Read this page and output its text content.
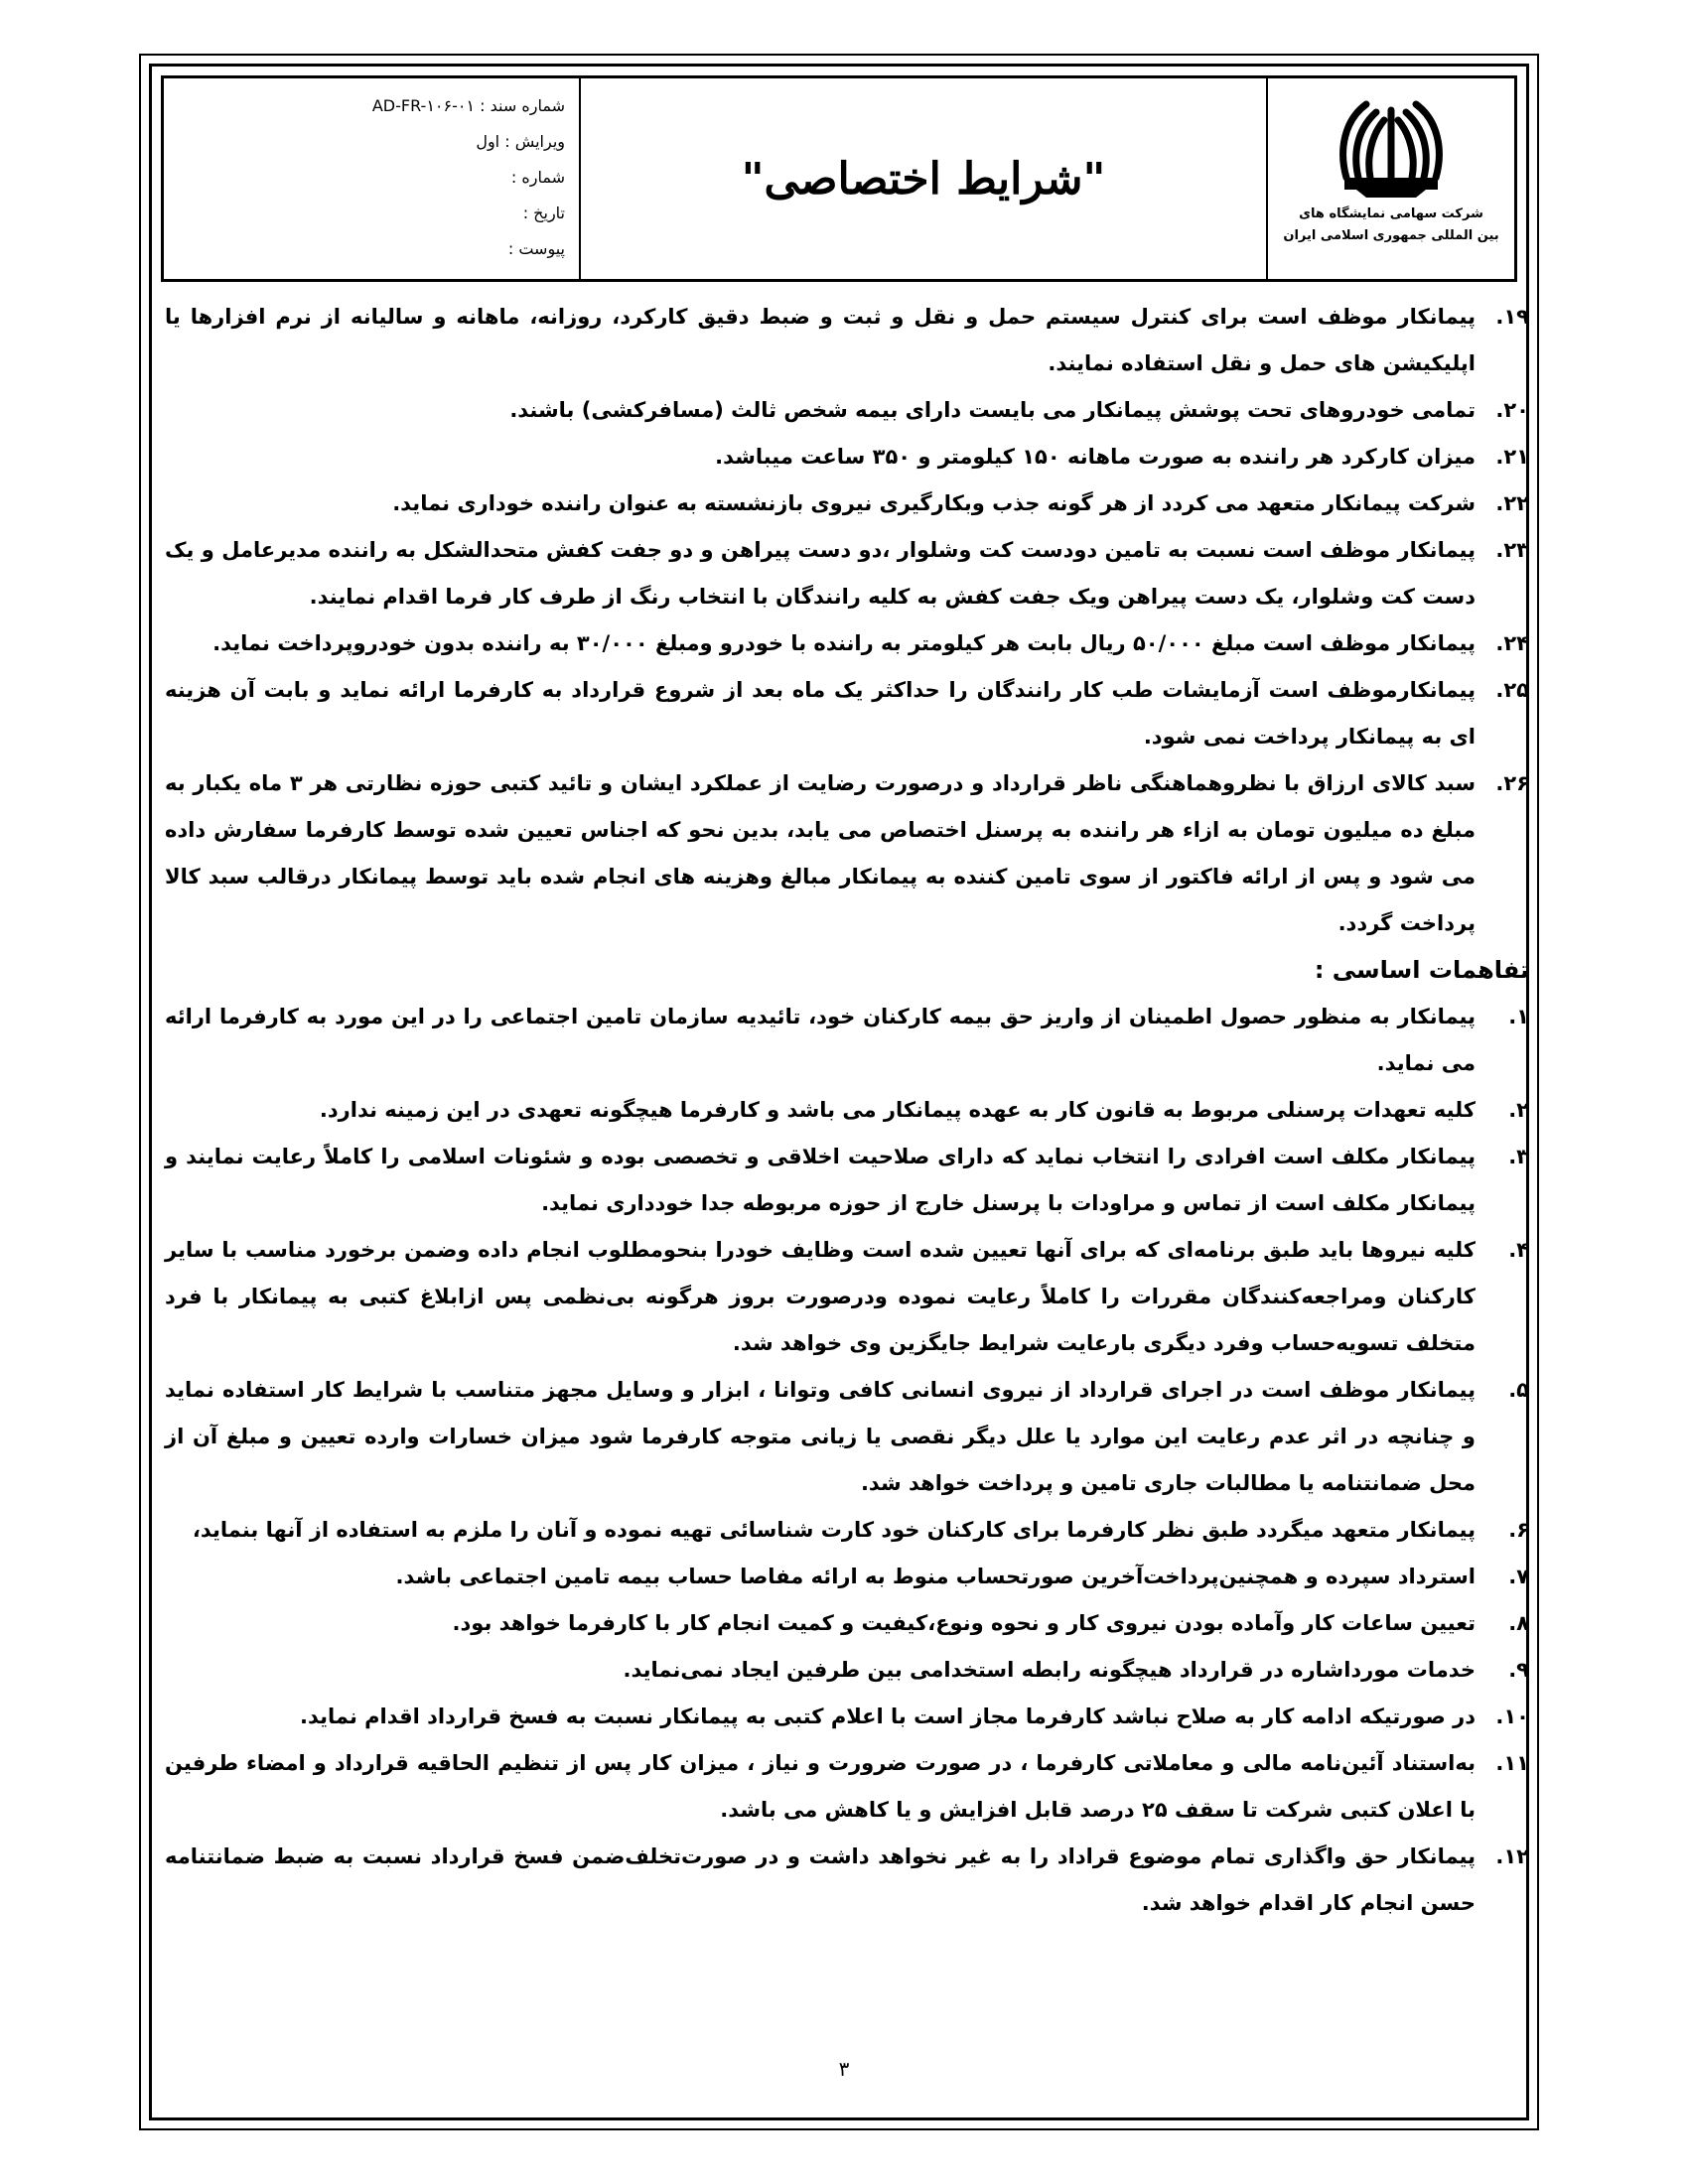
شرکت سهامی نمایشگاه های
بین المللی جمهوری اسلامی ایران
"شرایط اختصاصی"
شماره سند : AD-FR-۱۰۶-۰۱
ویرایش : اول
شماره :
تاریخ :
پیوست :
۱۹.
پیمانکار موظف است برای کنترل سیستم حمل و نقل و ثبت و ضبط دقیق کارکرد، روزانه، ماهانه و سالیانه از نرم افزارها یا اپلیکیشن های حمل و نقل استفاده نمایند.
۲۰.
تمامی خودروهای تحت پوشش پیمانکار می بایست دارای بیمه شخص ثالث (مسافرکشی) باشند.
۲۱.
میزان کارکرد هر راننده به صورت ماهانه ۱۵۰ کیلومتر و ۳۵۰ ساعت میباشد.
۲۲.
شرکت پیمانکار متعهد می کردد از هر گونه جذب وبکارگیری نیروی بازنشسته به عنوان راننده خوداری نماید.
۲۳.
پیمانکار موظف است نسبت به تامین دودست کت وشلوار ،دو دست پیراهن و دو جفت کفش متحدالشکل به راننده مدیرعامل و یک دست کت وشلوار، یک دست پیراهن ویک جفت کفش به کلیه رانندگان با انتخاب رنگ از طرف کار فرما اقدام نمایند.
۲۴.
پیمانکار موظف است مبلغ ۵۰/۰۰۰ ریال بابت هر کیلومتر به راننده با خودرو ومبلغ ۳۰/۰۰۰ به راننده بدون خودروپرداخت نماید.
۲۵.
پیمانکارموظف است آزمایشات طب کار رانندگان را حداکثر یک ماه بعد از شروع قرارداد به کارفرما ارائه نماید و بابت آن هزینه ای به پیمانکار پرداخت نمی شود.
۲۶.
سبد کالای ارزاق با نظروهماهنگی ناظر قرارداد و درصورت رضایت از عملکرد ایشان و تائید کتبی حوزه نظارتی هر ۳ ماه یکبار به مبلغ ده میلیون تومان به ازاء هر راننده به پرسنل اختصاص می یابد، بدین نحو که اجناس تعیین شده توسط کارفرما سفارش داده می شود و پس از ارائه فاکتور از سوی تامین کننده به پیمانکار مبالغ وهزینه های انجام شده باید توسط پیمانکار درقالب سبد کالا پرداخت گردد.
تفاهمات اساسی :
۱.
پیمانکار به منظور حصول اطمینان از واریز حق بیمه کارکنان خود، تائیدیه سازمان تامین اجتماعی را در این مورد به کارفرما ارائه می نماید.
۲.
کلیه تعهدات پرسنلی مربوط به قانون کار به عهده پیمانکار می باشد و کارفرما هیچگونه تعهدی در این زمینه ندارد.
۳.
پیمانکار مکلف است افرادی را انتخاب نماید که دارای صلاحیت اخلاقی و تخصصی بوده و شئونات اسلامی را کاملاً رعایت نمایند و پیمانکار مکلف است از تماس و مراودات با پرسنل خارج از حوزه مربوطه جدا خودداری نماید.
۴.
کلیه نیروها باید طبق برنامه‌ای که برای آنها تعیین شده است وظایف خودرا بنحومطلوب انجام داده وضمن برخورد مناسب با سایر کارکنان ومراجعه‌کنندگان مقررات را کاملاً رعایت نموده ودرصورت بروز هرگونه بی‌نظمی پس ازابلاغ کتبی به پیمانکار با فرد متخلف تسویه‌حساب وفرد دیگری بارعایت شرایط جایگزین وی خواهد شد.
۵.
پیمانکار موظف است در اجرای قرارداد از نیروی انسانی کافی وتوانا ، ابزار و وسایل مجهز متناسب با شرایط کار استفاده نماید و چنانچه در اثر عدم رعایت این موارد یا علل دیگر نقصی یا زیانی متوجه کارفرما شود میزان خسارات وارده تعیین و مبلغ آن از محل ضمانتنامه یا مطالبات جاری تامین و پرداخت خواهد شد.
۶.
پیمانکار متعهد میگردد طبق نظر کارفرما برای کارکنان خود کارت شناسائی تهیه نموده و آنان را ملزم به استفاده از آنها بنماید،
۷.
استرداد سپرده و همچنین‌پرداخت‌آخرین صورتحساب منوط به ارائه مفاصا حساب بیمه تامین اجتماعی باشد.
۸.
تعیین ساعات کار وآماده بودن نیروی کار و نحوه ونوع،کیفیت و کمیت انجام کار با کارفرما خواهد بود.
۹.
خدمات مورداشاره در قرارداد هیچگونه رابطه استخدامی بین طرفین ایجاد نمی‌نماید.
۱۰.
در صورتیکه ادامه کار به صلاح نباشد کارفرما مجاز است با اعلام کتبی به پیمانکار نسبت به فسخ قرارداد اقدام نماید.
۱۱.
به‌استناد آئین‌نامه مالی و معاملاتی کارفرما ، در صورت ضرورت و نیاز ، میزان کار پس از تنظیم الحاقیه قرارداد و امضاء طرفین با اعلان کتبی شرکت تا سقف ۲۵ درصد قابل افزایش و یا کاهش می باشد.
۱۲.
پیمانکار حق واگذاری تمام موضوع قراداد را به غیر نخواهد داشت و در صورت‌تخلف‌ضمن فسخ قرارداد نسبت به ضبط ضمانتنامه حسن انجام کار اقدام خواهد شد.
۳
